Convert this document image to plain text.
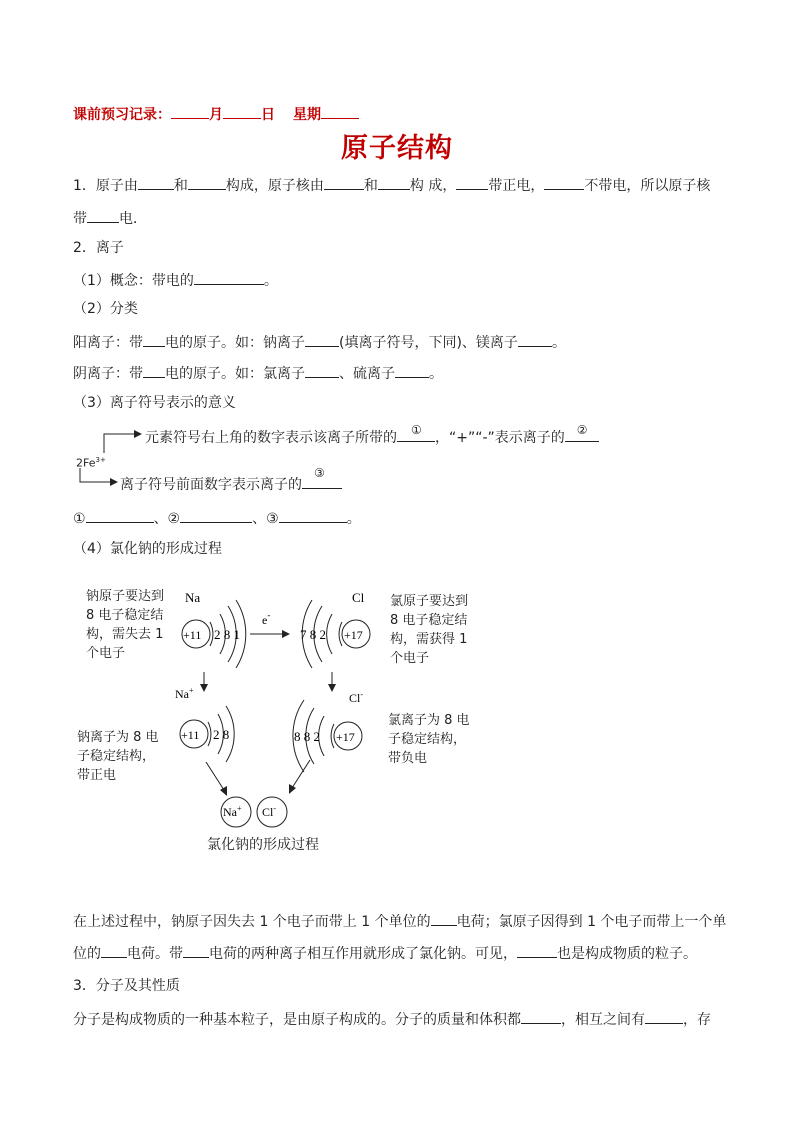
课前预习记录：	月	日 星期
原子结构
1．原子由	和	构成，原子核由	和 构 成， 带正电，	不带电，所以原子核
带 电．
2．离子
（1）概念：带电的	。
（2）分类
阳离子：带 电的原子。如：钠离子 (填离子符号，下同)、镁离子 。
阴离子：带 电的原子。如：氯离子 、硫离子 。
（3）离子符号表示的意义
$2Fe^{3+}$
元素符号右上角的数字表示该离子所带的 ① ，“+”“-”表示离子的 ②
离子符号前面数字表示离子的
③
①	、②	、③	。
（4）氯化钠的形成过程
Na
+11 2 8 1
e-
Cl
+17
7 8 2
Na+
+11 2 8
Cl-
+17
8 8 2
Na+ Cl-
钠原子要达到
8 电子稳定结
构，需失去 1
个电子
氯原子要达到
8 电子稳定结
构，需获得 1
个电子
钠离子为 8 电
子稳定结构，
带正电
氯离子为 8 电
子稳定结构，
带负电
氯化钠的形成过程
在上述过程中，钠原子因失去 1 个电子而带上 1 个单位的 电荷；氯原子因得到 1 个电子而带上一个单
位的 电荷。带 电荷的两种离子相互作用就形成了氯化钠。可见，	也是构成物质的粒子。
3．分子及其性质
分子是构成物质的一种基本粒子，是由原子构成的。分子的质量和体积都	，相互之间有	，存
